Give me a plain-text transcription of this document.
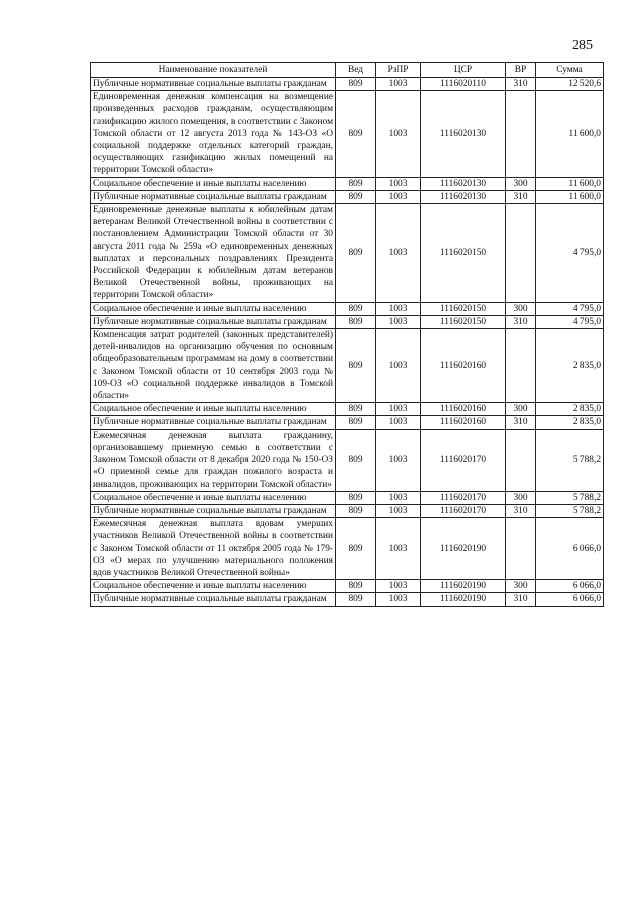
285
Наименование показателей	Вед	РзПР	ЦСР	ВР	Сумма
Публичные нормативные социальные выплаты гражданам	809	1003	1116020110	310	12 520,6
Единовременная денежная компенсация на возмещение произведенных расходов гражданам, осуществляющим газификацию жилого помещения, в соответствии с Законом Томской области от 12 августа 2013 года № 143-ОЗ «О социальной поддержке отдельных категорий граждан, осуществляющих газификацию жилых помещений на территории Томской области»	809	1003	1116020130		11 600,0
Социальное обеспечение и иные выплаты населению	809	1003	1116020130	300	11 600,0
Публичные нормативные социальные выплаты гражданам	809	1003	1116020130	310	11 600,0
Единовременные денежные выплаты к юбилейным датам ветеранам Великой Отечественной войны в соответствии с постановлением Администрации Томской области от 30 августа 2011 года № 259а «О единовременных денежных выплатах и персональных поздравлениях Президента Российской Федерации к юбилейным датам ветеранов Великой Отечественной войны, проживающих на территории Томской области»	809	1003	1116020150		4 795,0
Социальное обеспечение и иные выплаты населению	809	1003	1116020150	300	4 795,0
Публичные нормативные социальные выплаты гражданам	809	1003	1116020150	310	4 795,0
Компенсация затрат родителей (законных представителей) детей-инвалидов на организацию обучения по основным общеобразовательным программам на дому в соответствии с Законом Томской области от 10 сентября 2003 года № 109-ОЗ «О социальной поддержке инвалидов в Томской области»	809	1003	1116020160		2 835,0
Социальное обеспечение и иные выплаты населению	809	1003	1116020160	300	2 835,0
Публичные нормативные социальные выплаты гражданам	809	1003	1116020160	310	2 835,0
Ежемесячная денежная выплата гражданину, организовавшему приемную семью в соответствии с Законом Томской области от 8 декабря 2020 года № 150-ОЗ «О приемной семье для граждан пожилого возраста и инвалидов, проживающих на территории Томской области»	809	1003	1116020170		5 788,2
Социальное обеспечение и иные выплаты населению	809	1003	1116020170	300	5 788,2
Публичные нормативные социальные выплаты гражданам	809	1003	1116020170	310	5 788,2
Ежемесячная денежная выплата вдовам умерших участников Великой Отечественной войны в соответствии с Законом Томской области от 11 октября 2005 года № 179-ОЗ «О мерах по улучшению материального положения вдов участников Великой Отечественной войны»	809	1003	1116020190		6 066,0
Социальное обеспечение и иные выплаты населению	809	1003	1116020190	300	6 066,0
Публичные нормативные социальные выплаты гражданам	809	1003	1116020190	310	6 066,0
